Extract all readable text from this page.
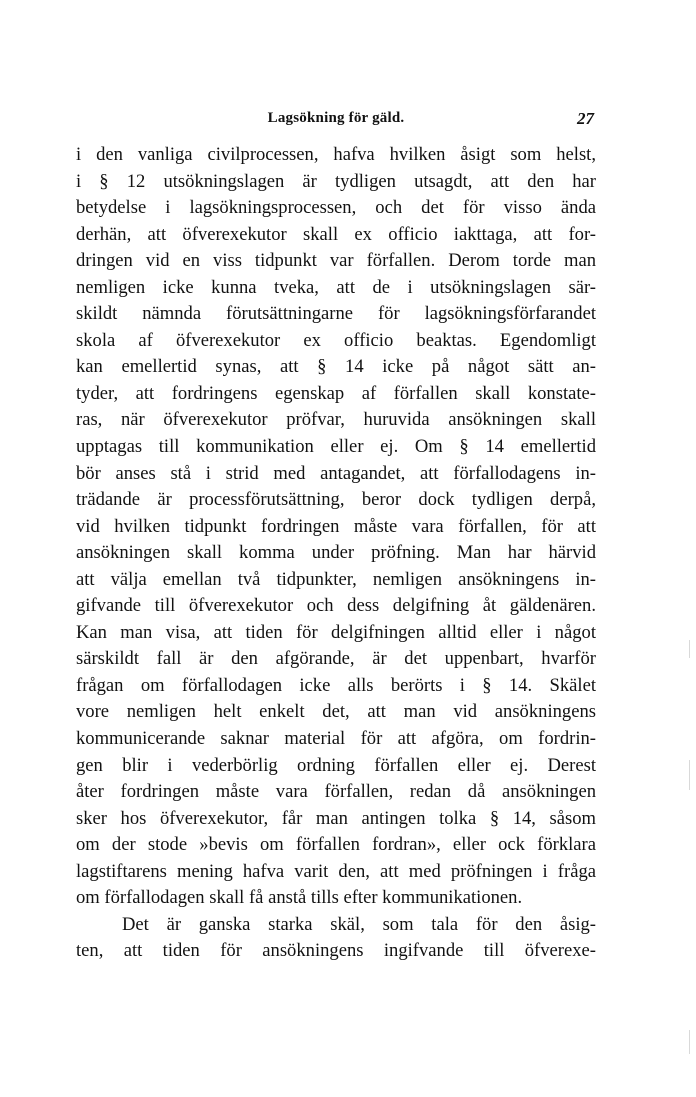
Lagsökning för gäld.	27
i den vanliga civilprocessen, hafva hvilken åsigt som helst,
i § 12 utsökningslagen är tydligen utsagdt, att den har
betydelse i lagsökningsprocessen, och det för visso ända
derhän, att öfverexekutor skall ex officio iakttaga, att for-
dringen vid en viss tidpunkt var förfallen. Derom torde man
nemligen icke kunna tveka, att de i utsökningslagen sär-
skildt nämnda förutsättningarne för lagsökningsförfarandet
skola af öfverexekutor ex officio beaktas. Egendomligt
kan emellertid synas, att § 14 icke på något sätt an-
tyder, att fordringens egenskap af förfallen skall konstate-
ras, när öfverexekutor pröfvar, huruvida ansökningen skall
upptagas till kommunikation eller ej. Om § 14 emellertid
bör anses stå i strid med antagandet, att förfallodagens in-
trädande är processförutsättning, beror dock tydligen derpå,
vid hvilken tidpunkt fordringen måste vara förfallen, för att
ansökningen skall komma under pröfning. Man har härvid
att välja emellan två tidpunkter, nemligen ansökningens in-
gifvande till öfverexekutor och dess delgifning åt gäldenären.
Kan man visa, att tiden för delgifningen alltid eller i något
särskildt fall är den afgörande, är det uppenbart, hvarför
frågan om förfallodagen icke alls berörts i § 14. Skälet
vore nemligen helt enkelt det, att man vid ansökningens
kommunicerande saknar material för att afgöra, om fordrin-
gen blir i vederbörlig ordning förfallen eller ej. Derest
åter fordringen måste vara förfallen, redan då ansökningen
sker hos öfverexekutor, får man antingen tolka § 14, såsom
om der stode »bevis om förfallen fordran», eller ock förklara
lagstiftarens mening hafva varit den, att med pröfningen i fråga
om förfallodagen skall få anstå tills efter kommunikationen.
Det är ganska starka skäl, som tala för den åsig-
ten, att tiden för ansökningens ingifvande till öfverexe-
